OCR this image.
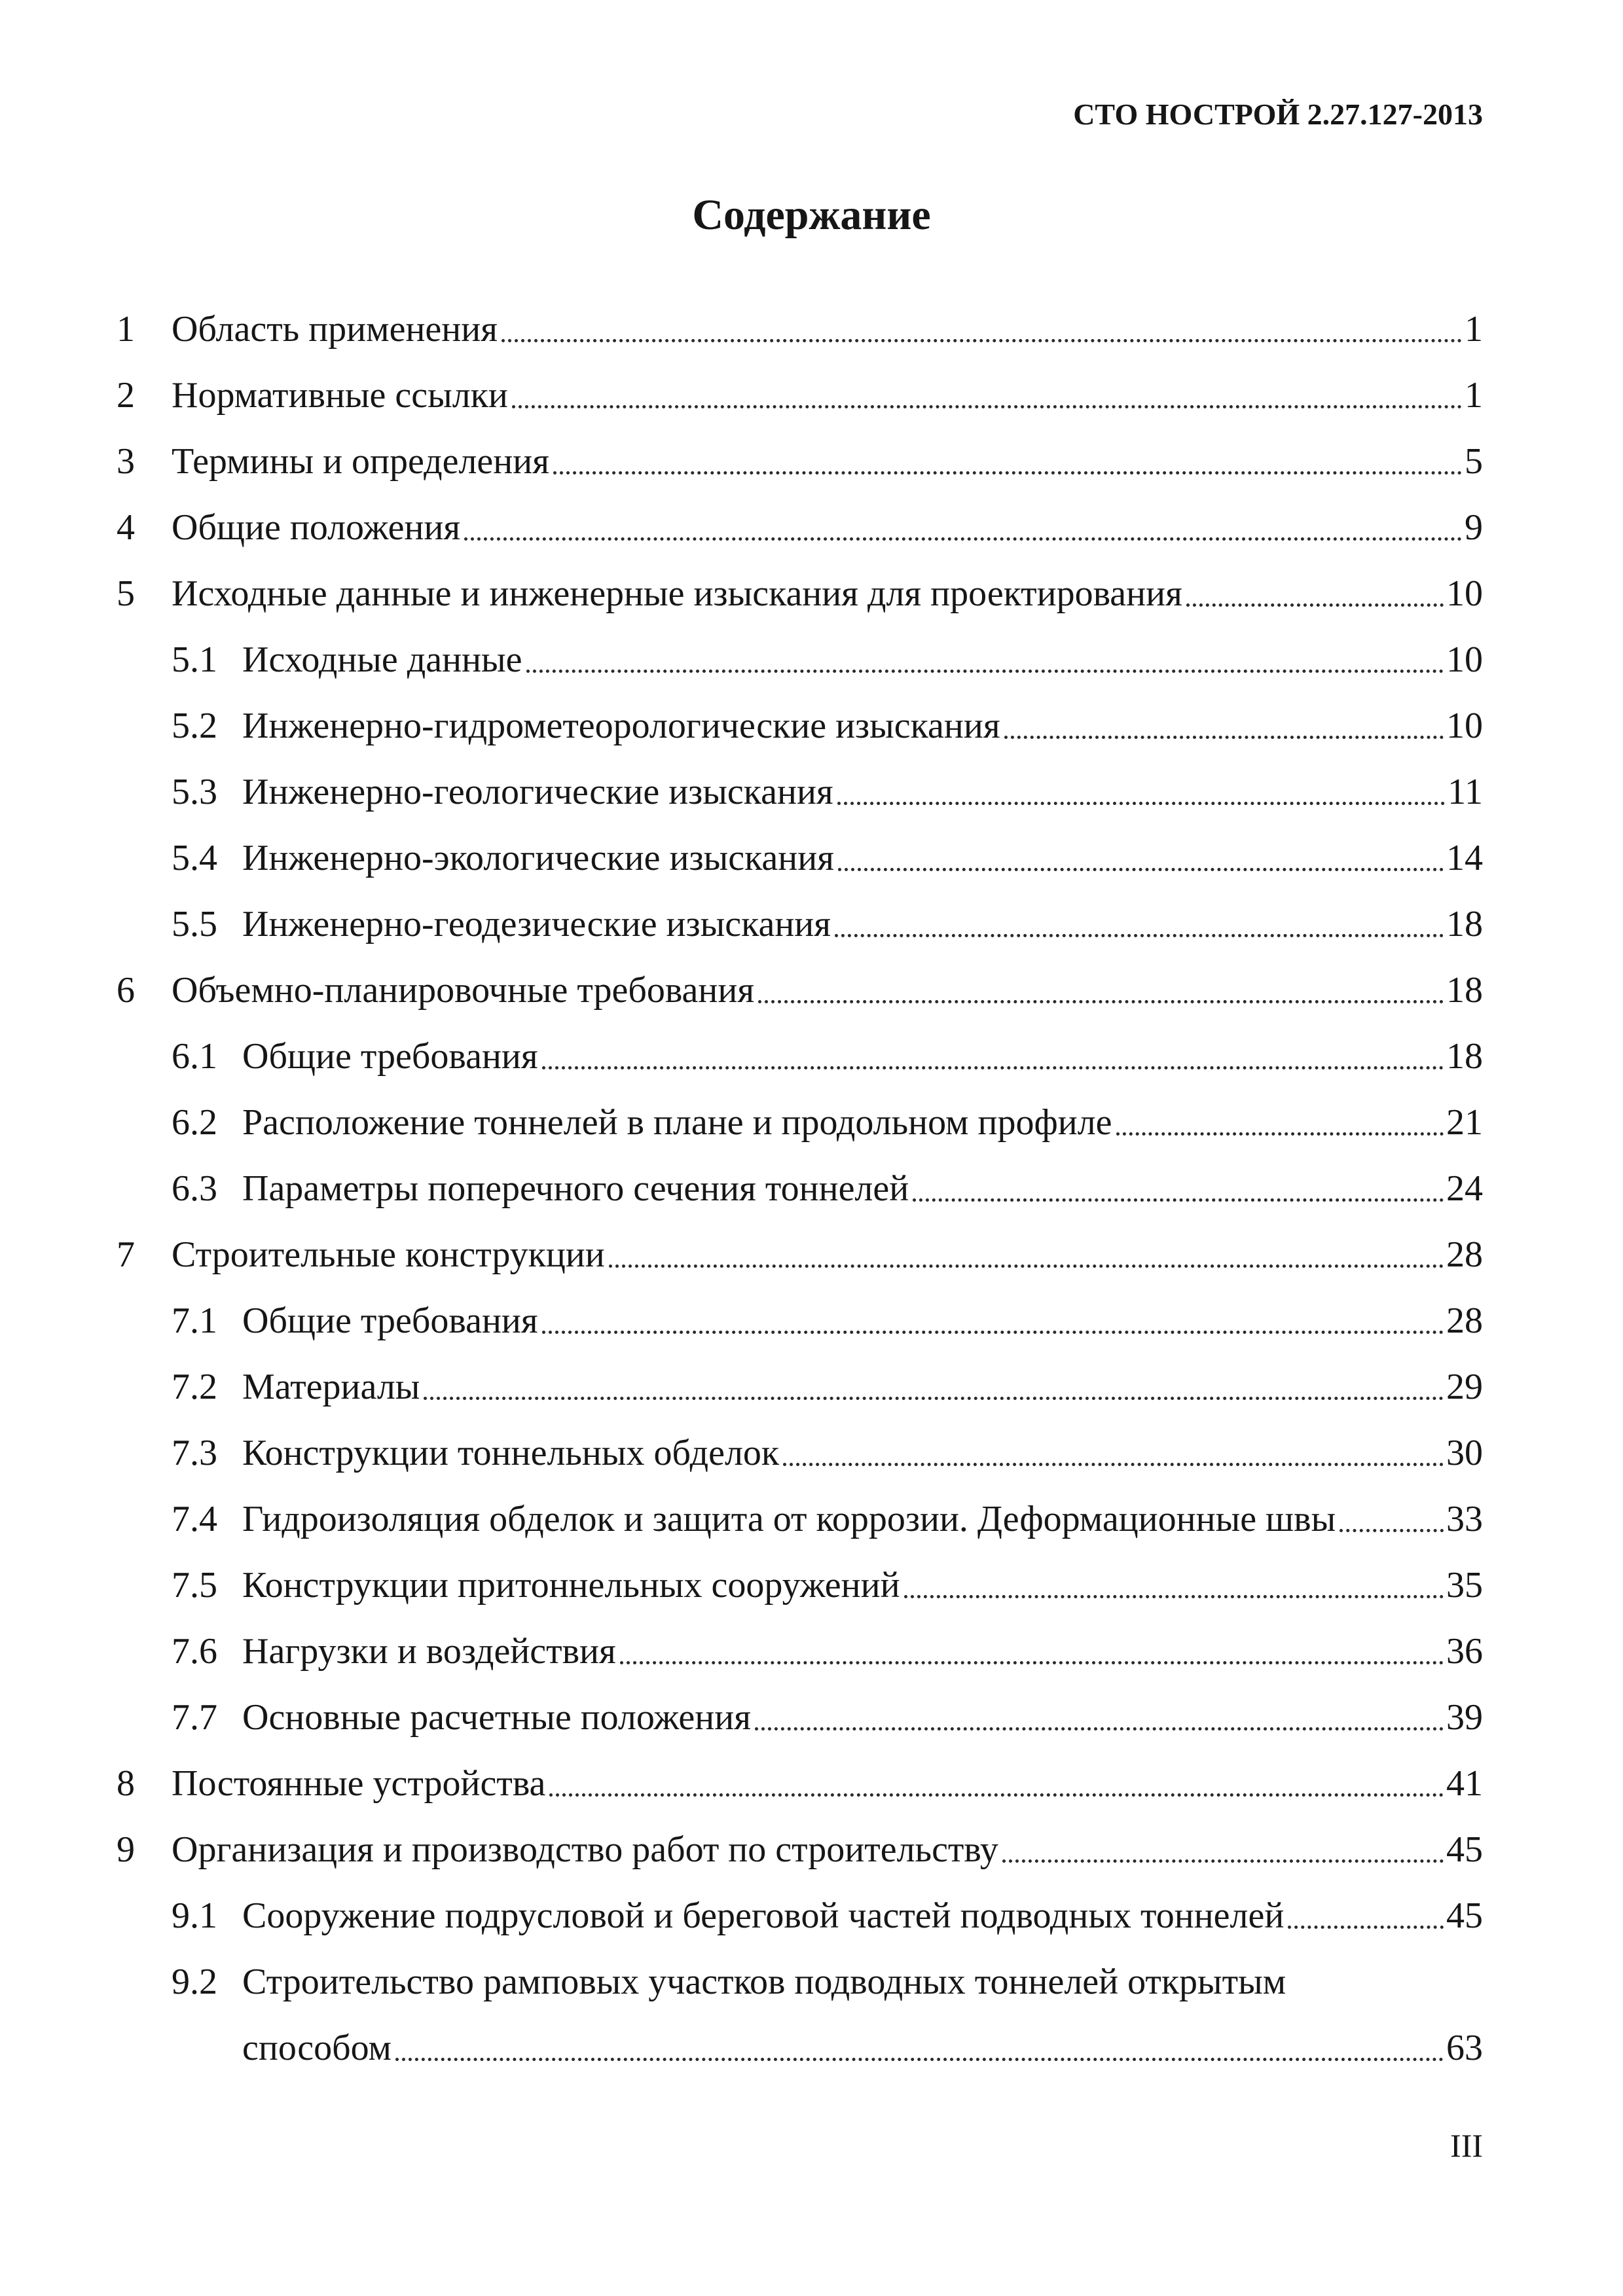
СТО НОСТРОЙ 2.27.127-2013
Содержание
1	Область применения	1
2	Нормативные ссылки	1
3	Термины и определения	5
4	Общие положения	9
5	Исходные данные и инженерные изыскания для проектирования	10
5.1 Исходные данные	10
5.2 Инженерно-гидрометеорологические изыскания	10
5.3 Инженерно-геологические изыскания	11
5.4 Инженерно-экологические изыскания	14
5.5 Инженерно-геодезические изыскания	18
6	Объемно-планировочные требования	18
6.1 Общие требования	18
6.2 Расположение тоннелей в плане и продольном профиле	21
6.3 Параметры поперечного сечения тоннелей	24
7	Строительные конструкции	28
7.1 Общие требования	28
7.2 Материалы	29
7.3 Конструкции тоннельных обделок	30
7.4 Гидроизоляция обделок и защита от коррозии. Деформационные швы	33
7.5 Конструкции притоннельных сооружений	35
7.6 Нагрузки и воздействия	36
7.7 Основные расчетные положения	39
8	Постоянные устройства	41
9	Организация и производство работ по строительству	45
9.1 Сооружение подрусловой и береговой частей подводных тоннелей	45
9.2 Строительство рамповых участков подводных тоннелей открытым
способом	63
III
